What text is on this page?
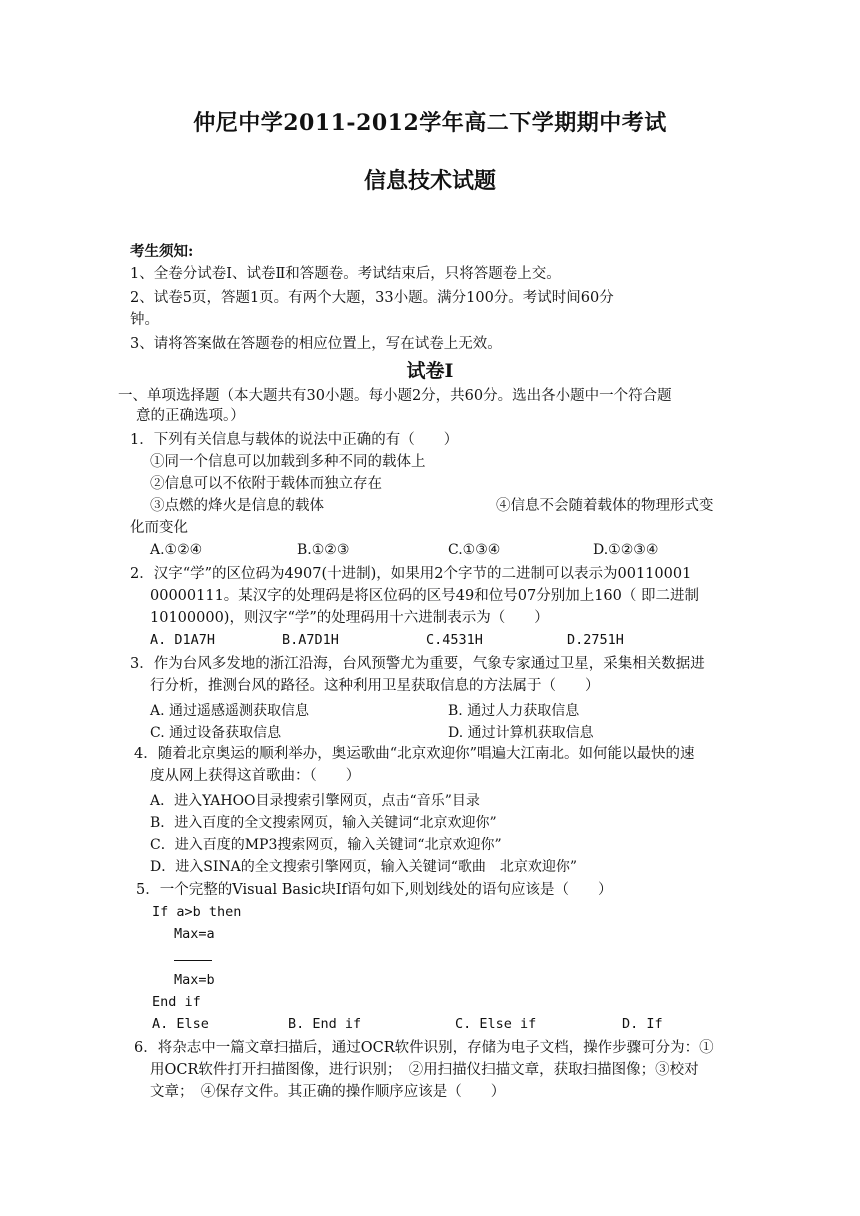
仲尼中学2011-2012学年高二下学期期中考试
信息技术试题
考生须知:
1、全卷分试卷Ⅰ、试卷Ⅱ和答题卷。考试结束后，只将答题卷上交。
2、试卷5页，答题1页。有两个大题，33小题。满分100分。考试时间60分
钟。
3、请将答案做在答题卷的相应位置上，写在试卷上无效。
试卷Ⅰ
一、单项选择题（本大题共有30小题。每小题2分，共60分。选出各小题中一个符合题
意的正确选项。）
1．下列有关信息与载体的说法中正确的有（　　）
①同一个信息可以加载到多种不同的载体上
②信息可以不依附于载体而独立存在
③点燃的烽火是信息的载体	④信息不会随着载体的物理形式变
化而变化
A.①②④	B.①②③	C.①③④	D.①②③④
2．汉字“学”的区位码为4907(十进制)，如果用2个字节的二进制可以表示为00110001
00000111。某汉字的处理码是将区位码的区号49和位号07分别加上160（ 即二进制
10100000)，则汉字“学”的处理码用十六进制表示为（　　）
A. D1A7H	B.A7D1H	C.4531H	D.2751H
3．作为台风多发地的浙江沿海，台风预警尤为重要，气象专家通过卫星，采集相关数据进
行分析，推测台风的路径。这种利用卫星获取信息的方法属于（　　）
A. 通过遥感遥测获取信息	B. 通过人力获取信息
C. 通过设备获取信息	D. 通过计算机获取信息
4．随着北京奥运的顺利举办，奥运歌曲“北京欢迎你”唱遍大江南北。如何能以最快的速
度从网上获得这首歌曲：（　　）
A．进入YAHOO目录搜索引擎网页，点击“音乐”目录
B．进入百度的全文搜索网页，输入关键词“北京欢迎你”
C．进入百度的MP3搜索网页，输入关键词“北京欢迎你”
D．进入SINA的全文搜索引擎网页，输入关键词“歌曲　北京欢迎你”
5．一个完整的Visual Basic块If语句如下,则划线处的语句应该是（　　）
If a>b then
Max=a
Max=b
End if
A. Else	B. End if	C. Else if	D. If
6．将杂志中一篇文章扫描后，通过OCR软件识别，存储为电子文档，操作步骤可分为：①
用OCR软件打开扫描图像，进行识别；　②用扫描仪扫描文章，获取扫描图像；③校对
文章；　④保存文件。其正确的操作顺序应该是（　　）
